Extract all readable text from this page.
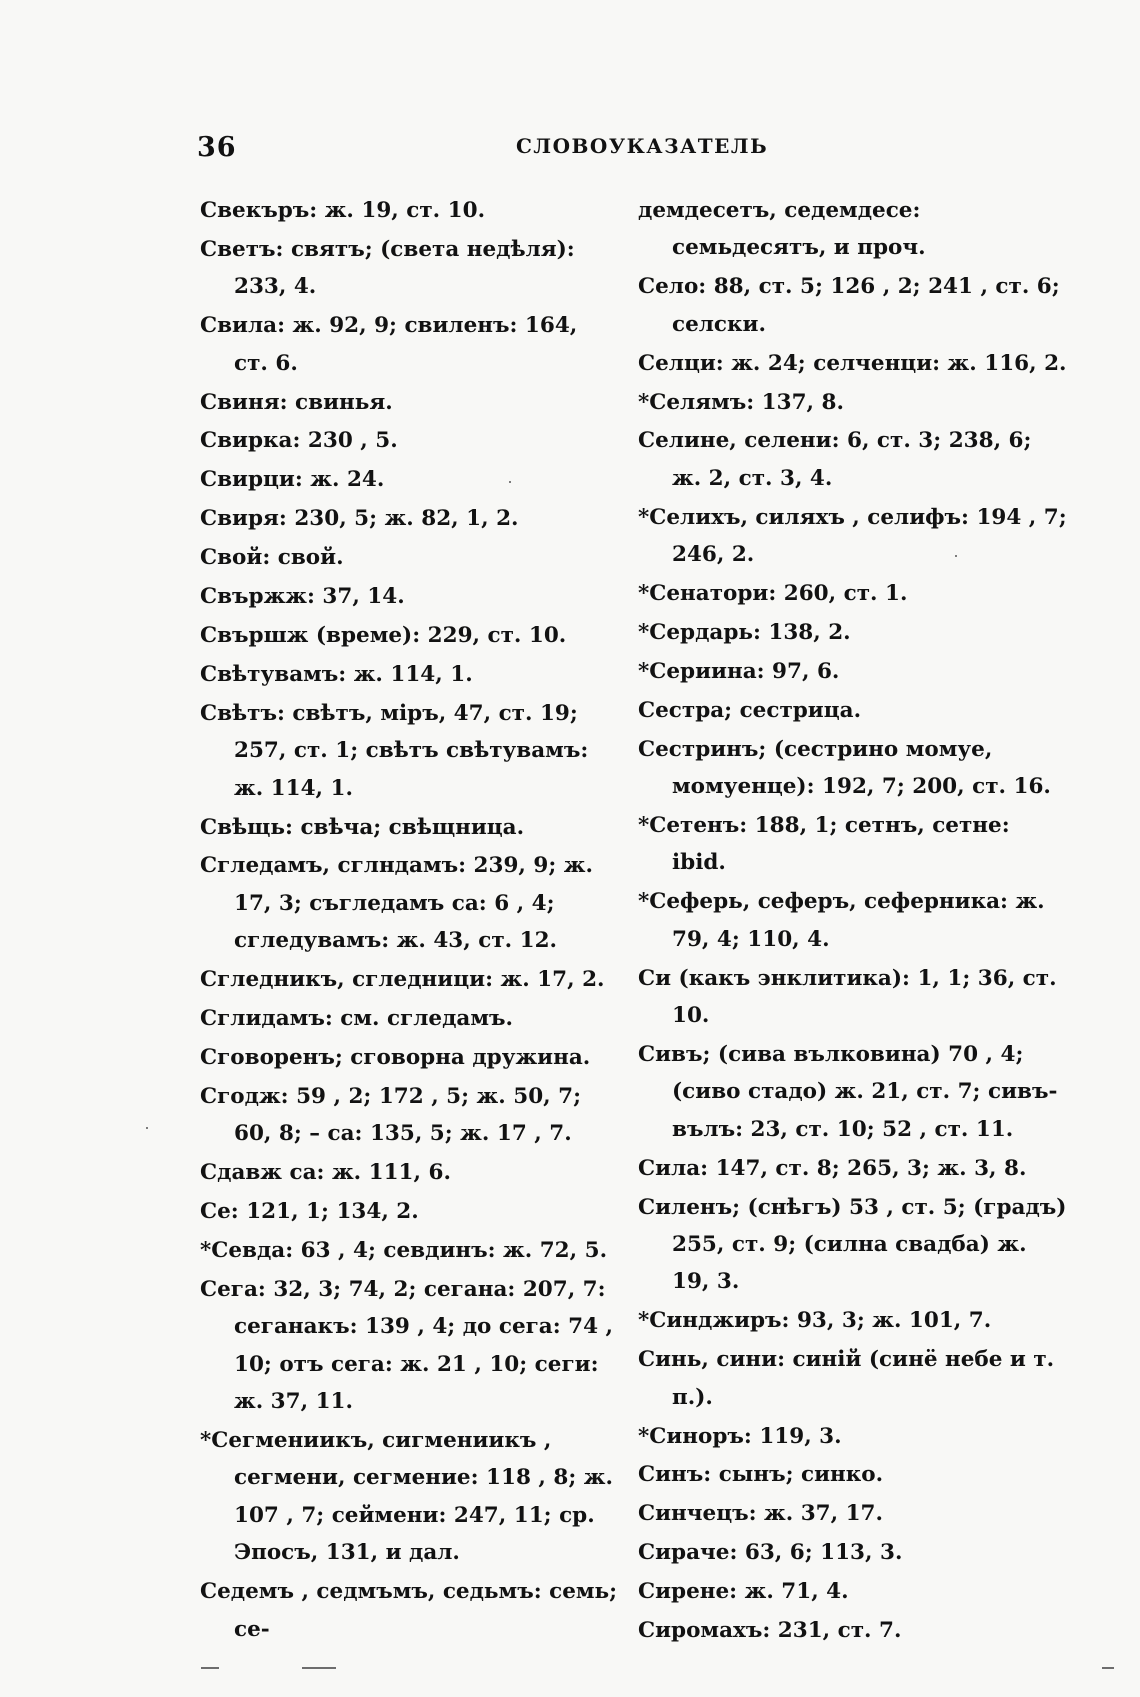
36	СЛОВОУКАЗАТЕЛЬ
Свекъръ: ж. 19, ст. 10.
Светъ: святъ; (света недѣля): 233, 4.
Свила: ж. 92, 9; свиленъ: 164, ст. 6.
Свиня: свинья.
Свирка: 230 , 5.
Свирци: ж. 24.
Свиря: 230, 5; ж. 82, 1, 2.
Свой: свой.
Свържж: 37, 14.
Свършж (време): 229, ст. 10.
Свѣтувамъ: ж. 114, 1.
Свѣтъ: свѣтъ, міръ, 47, ст. 19; 257, ст. 1; свѣтъ свѣтувамъ: ж. 114, 1.
Свѣщь: свѣча; свѣщница.
Сгледамъ, сглндамъ: 239, 9; ж. 17, 3; съгледамъ са: 6 , 4; сгледувамъ: ж. 43, ст. 12.
Сгледникъ, сгледници: ж. 17, 2.
Сглидамъ: см. сгледамъ.
Сговоренъ; сговорна дружина.
Сгодж: 59 , 2; 172 , 5; ж. 50, 7; 60, 8; – са: 135, 5; ж. 17 , 7.
Сдавж са: ж. 111, 6.
Се: 121, 1; 134, 2.
*Севда: 63 , 4; севдинъ: ж. 72, 5.
Сега: 32, 3; 74, 2; сегана: 207, 7: сеганакъ: 139 , 4; до сега: 74 , 10; отъ сега: ж. 21 , 10; сеги: ж. 37, 11.
*Сегмениикъ, сигмениикъ , сегмени, сегмение: 118 , 8; ж. 107 , 7; сеймени: 247, 11; ср. Эпосъ, 131, и дал.
Седемъ , седмъмъ, седьмъ: семь; се-
демдесетъ, седемдесе: семьдесятъ, и проч.
Село: 88, ст. 5; 126 , 2; 241 , ст. 6; селски.
Селци: ж. 24; селченци: ж. 116, 2.
*Селямъ: 137, 8.
Селине, селени: 6, ст. 3; 238, 6; ж. 2, ст. 3, 4.
*Селихъ, силяхъ , селифъ: 194 , 7; 246, 2.
*Сенатори: 260, ст. 1.
*Сердарь: 138, 2.
*Сериина: 97, 6.
Сестра; сестрица.
Сестринъ; (сестрино момуе, момуенце): 192, 7; 200, ст. 16.
*Сетенъ: 188, 1; сетнъ, сетне: ibid.
*Сеферь, сеферъ, сеферника: ж. 79, 4; 110, 4.
Си (какъ энклитика): 1, 1; 36, ст. 10.
Сивъ; (сива вълковина) 70 , 4; (сиво стадо) ж. 21, ст. 7; сивъ-вълъ: 23, ст. 10; 52 , ст. 11.
Сила: 147, ст. 8; 265, 3; ж. 3, 8.
Силенъ; (снѣгъ) 53 , ст. 5; (градъ) 255, ст. 9; (силна свадба) ж. 19, 3.
*Синджиръ: 93, 3; ж. 101, 7.
Синь, сини: синій (синё небе и т. п.).
*Синоръ: 119, 3.
Синъ: сынъ; синко.
Синчецъ: ж. 37, 17.
Сираче: 63, 6; 113, 3.
Сирене: ж. 71, 4.
Сиромахъ: 231, ст. 7.
